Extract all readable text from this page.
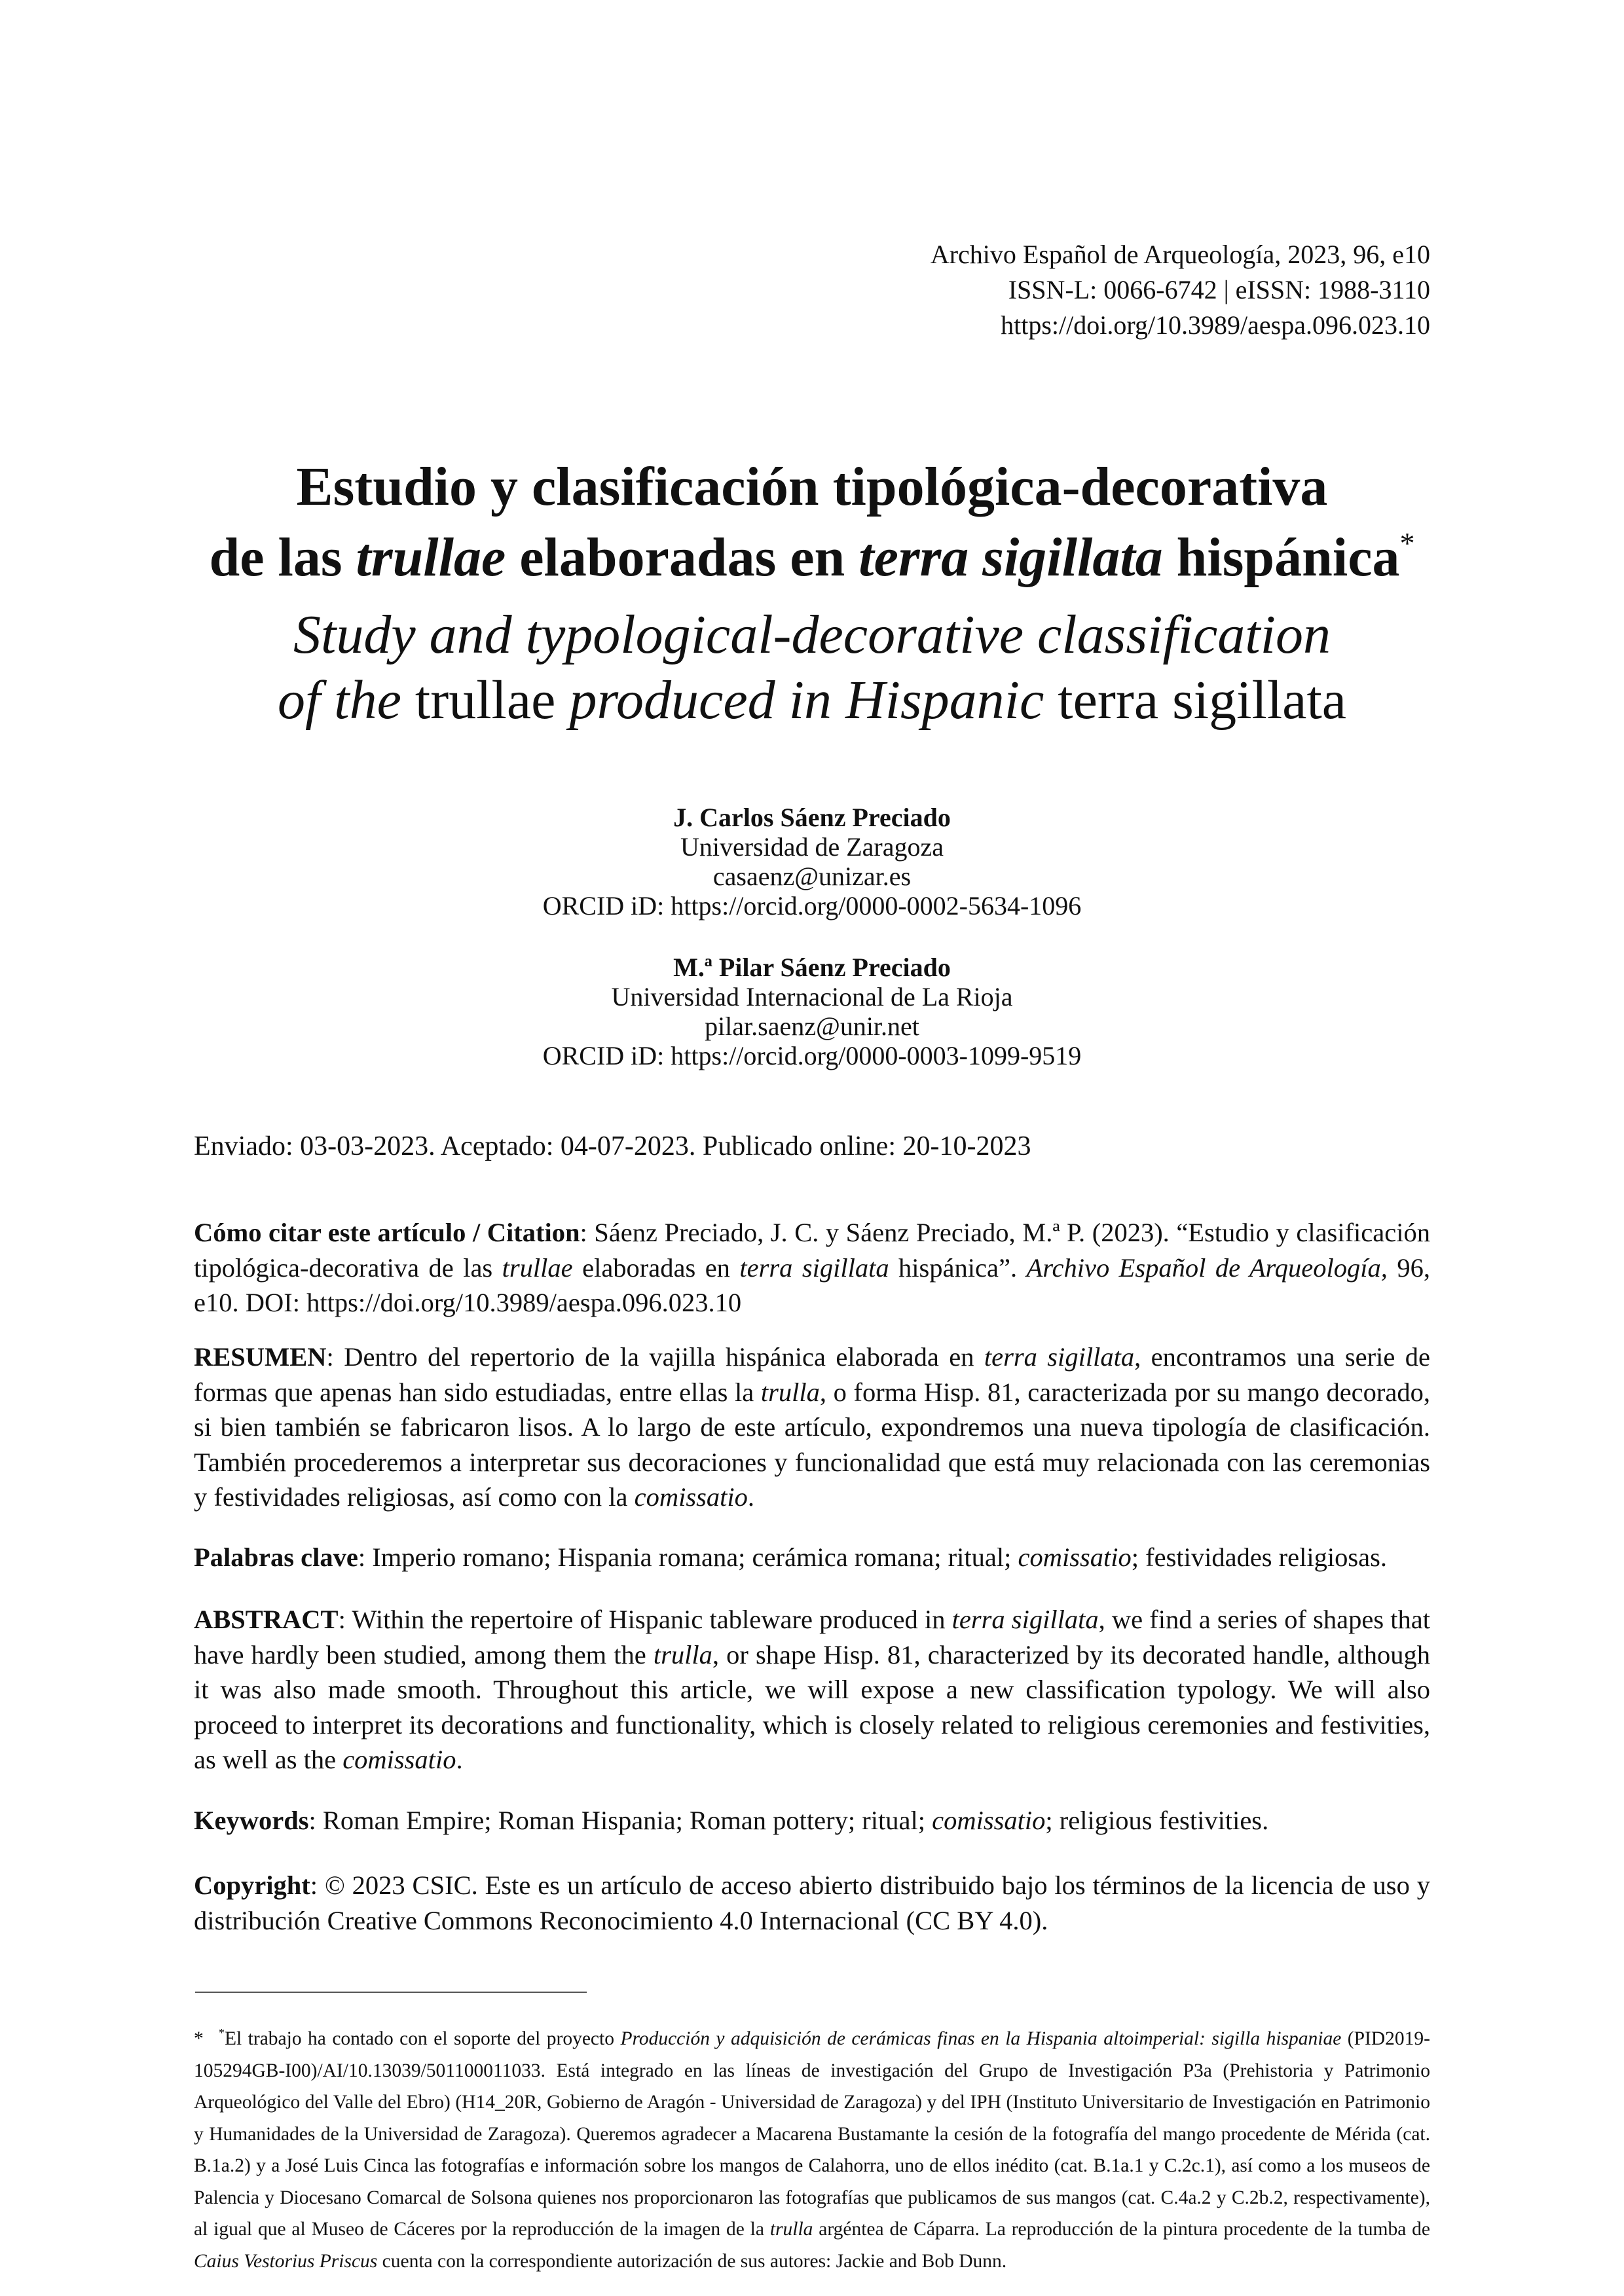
Archivo Español de Arqueología, 2023, 96, e10
ISSN-L: 0066-6742 | eISSN: 1988-3110
https://doi.org/10.3989/aespa.096.023.10
Estudio y clasificación tipológica-decorativa
de las trullae elaboradas en terra sigillata hispánica*
Study and typological-decorative classification
of the trullae produced in Hispanic terra sigillata
J. Carlos Sáenz Preciado
Universidad de Zaragoza
casaenz@unizar.es
ORCID iD: https://orcid.org/0000-0002-5634-1096
M.ª Pilar Sáenz Preciado
Universidad Internacional de La Rioja
pilar.saenz@unir.net
ORCID iD: https://orcid.org/0000-0003-1099-9519
Enviado: 03-03-2023. Aceptado: 04-07-2023. Publicado online: 20-10-2023
Cómo citar este artículo / Citation: Sáenz Preciado, J. C. y Sáenz Preciado, M.ª P. (2023). “Estudio y clasificación tipológica-decorativa de las trullae elaboradas en terra sigillata hispánica”. Archivo Español de Arqueología, 96, e10. DOI: https://doi.org/10.3989/aespa.096.023.10
RESUMEN: Dentro del repertorio de la vajilla hispánica elaborada en terra sigillata, encontramos una serie de formas que apenas han sido estudiadas, entre ellas la trulla, o forma Hisp. 81, caracterizada por su mango decorado, si bien también se fabricaron lisos. A lo largo de este artículo, expondremos una nueva tipología de clasificación. También procederemos a interpretar sus decoraciones y funcionalidad que está muy relacionada con las ceremonias y festividades religiosas, así como con la comissatio.
Palabras clave: Imperio romano; Hispania romana; cerámica romana; ritual; comissatio; festividades religiosas.
ABSTRACT: Within the repertoire of Hispanic tableware produced in terra sigillata, we find a series of shapes that have hardly been studied, among them the trulla, or shape Hisp. 81, characterized by its decorated handle, although it was also made smooth. Throughout this article, we will expose a new classification typology. We will also proceed to interpret its decorations and functionality, which is closely related to religious ceremonies and festivities, as well as the comissatio.
Keywords: Roman Empire; Roman Hispania; Roman pottery; ritual; comissatio; religious festivities.
Copyright: © 2023 CSIC. Este es un artículo de acceso abierto distribuido bajo los términos de la licencia de uso y distribución Creative Commons Reconocimiento 4.0 Internacional (CC BY 4.0).
* *El trabajo ha contado con el soporte del proyecto Producción y adquisición de cerámicas finas en la Hispania altoimperial: sigilla hispaniae (PID2019-105294GB-I00)/AI/10.13039/501100011033. Está integrado en las líneas de investigación del Grupo de Investigación P3a (Prehistoria y Patrimonio Arqueológico del Valle del Ebro) (H14_20R, Gobierno de Aragón - Universidad de Zaragoza) y del IPH (Instituto Universitario de Investigación en Patrimonio y Humanidades de la Universidad de Zaragoza). Queremos agradecer a Macarena Bustamante la cesión de la fotografía del mango procedente de Mérida (cat. B.1a.2) y a José Luis Cinca las fotografías e información sobre los mangos de Calahorra, uno de ellos inédito (cat. B.1a.1 y C.2c.1), así como a los museos de Palencia y Diocesano Comarcal de Solsona quienes nos proporcionaron las fotografías que publicamos de sus mangos (cat. C.4a.2 y C.2b.2, respectivamente), al igual que al Museo de Cáceres por la reproducción de la imagen de la trulla argéntea de Cáparra. La reproducción de la pintura procedente de la tumba de Caius Vestorius Priscus cuenta con la correspondiente autorización de sus autores: Jackie and Bob Dunn.
